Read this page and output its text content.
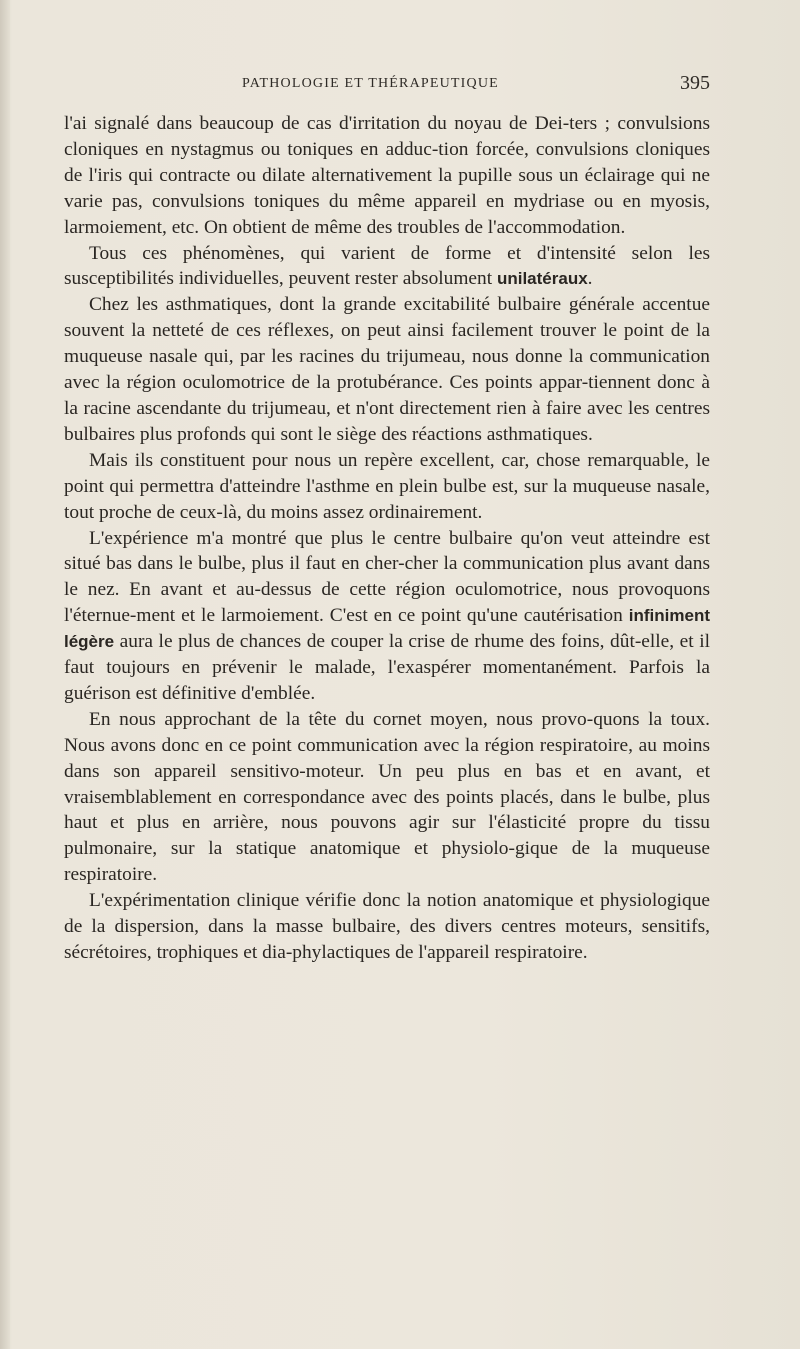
PATHOLOGIE ET THÉRAPEUTIQUE	395

l'ai signalé dans beaucoup de cas d'irritation du noyau de Dei-ters ; convulsions cloniques en nystagmus ou toniques en adduc-tion forcée, convulsions cloniques de l'iris qui contracte ou dilate alternativement la pupille sous un éclairage qui ne varie pas, convulsions toniques du même appareil en mydriase ou en myosis, larmoiement, etc. On obtient de même des troubles de l'accommodation.

Tous ces phénomènes, qui varient de forme et d'intensité selon les susceptibilités individuelles, peuvent rester absolument unilatéraux.

Chez les asthmatiques, dont la grande excitabilité bulbaire générale accentue souvent la netteté de ces réflexes, on peut ainsi facilement trouver le point de la muqueuse nasale qui, par les racines du trijumeau, nous donne la communication avec la région oculomotrice de la protubérance. Ces points appar-tiennent donc à la racine ascendante du trijumeau, et n'ont directement rien à faire avec les centres bulbaires plus profonds qui sont le siège des réactions asthmatiques.

Mais ils constituent pour nous un repère excellent, car, chose remarquable, le point qui permettra d'atteindre l'asthme en plein bulbe est, sur la muqueuse nasale, tout proche de ceux-là, du moins assez ordinairement.

L'expérience m'a montré que plus le centre bulbaire qu'on veut atteindre est situé bas dans le bulbe, plus il faut en cher-cher la communication plus avant dans le nez. En avant et au-dessus de cette région oculomotrice, nous provoquons l'éternue-ment et le larmoiement. C'est en ce point qu'une cautérisation infiniment légère aura le plus de chances de couper la crise de rhume des foins, dût-elle, et il faut toujours en prévenir le malade, l'exaspérer momentanément. Parfois la guérison est définitive d'emblée.

En nous approchant de la tête du cornet moyen, nous provo-quons la toux. Nous avons donc en ce point communication avec la région respiratoire, au moins dans son appareil sensitivo-moteur. Un peu plus en bas et en avant, et vraisemblablement en correspondance avec des points placés, dans le bulbe, plus haut et plus en arrière, nous pouvons agir sur l'élasticité propre du tissu pulmonaire, sur la statique anatomique et physiolo-gique de la muqueuse respiratoire.

L'expérimentation clinique vérifie donc la notion anatomique et physiologique de la dispersion, dans la masse bulbaire, des divers centres moteurs, sensitifs, sécrétoires, trophiques et dia-phylactiques de l'appareil respiratoire.
